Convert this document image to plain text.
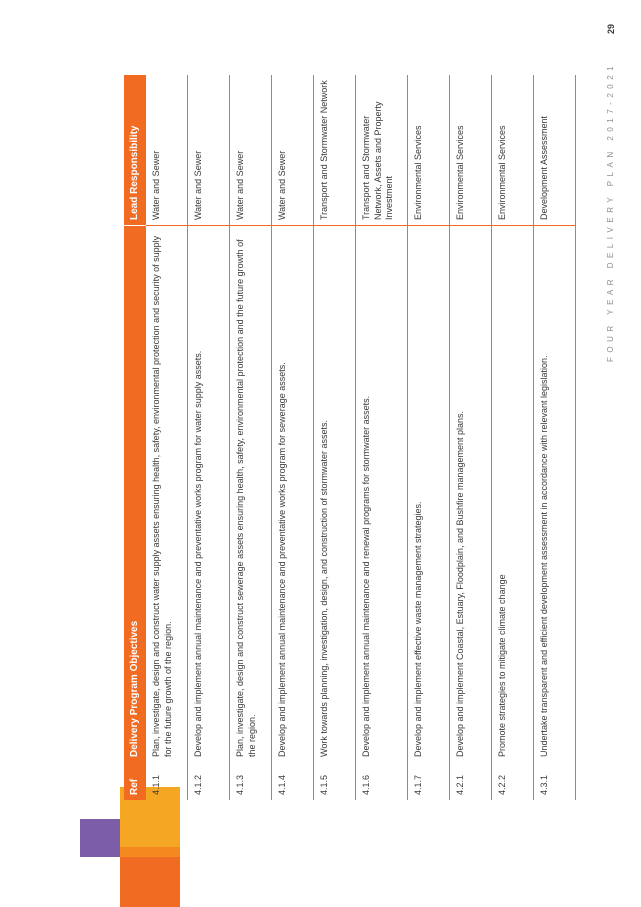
Ref	Delivery Program Objectives	Lead Responsibility
4.1.1	Plan, investigate, design and construct water supply assets ensuring health, safety, environmental protection and security of supply for the future growth of the region.	Water and Sewer
4.1.2	Develop and implement annual maintenance and preventative works program for water supply assets.	Water and Sewer
4.1.3	Plan, investigate, design and construct sewerage assets ensuring health, safety, environmental protection and the future growth of the region.	Water and Sewer
4.1.4	Develop and implement annual maintenance and preventative works program for sewerage assets.	Water and Sewer
4.1.5	Work towards planning, investigation, design, and construction of stormwater assets.	Transport and Stormwater Network
4.1.6	Develop and implement annual maintenance and renewal programs for stormwater assets.	Transport and Stormwater Network, Assets and Property Investment
4.1.7	Develop and implement effective waste management strategies.	Environmental Services
4.2.1	Develop and implement Coastal, Estuary, Floodplain, and Bushfire management plans.	Environmental Services
4.2.2	Promote strategies to mitigate climate change	Environmental Services
4.3.1	Undertake transparent and efficient development assessment in accordance with relevant legislation.	Development Assessment	FOUR YEAR DELIVERY PLAN 2017-2021
29
